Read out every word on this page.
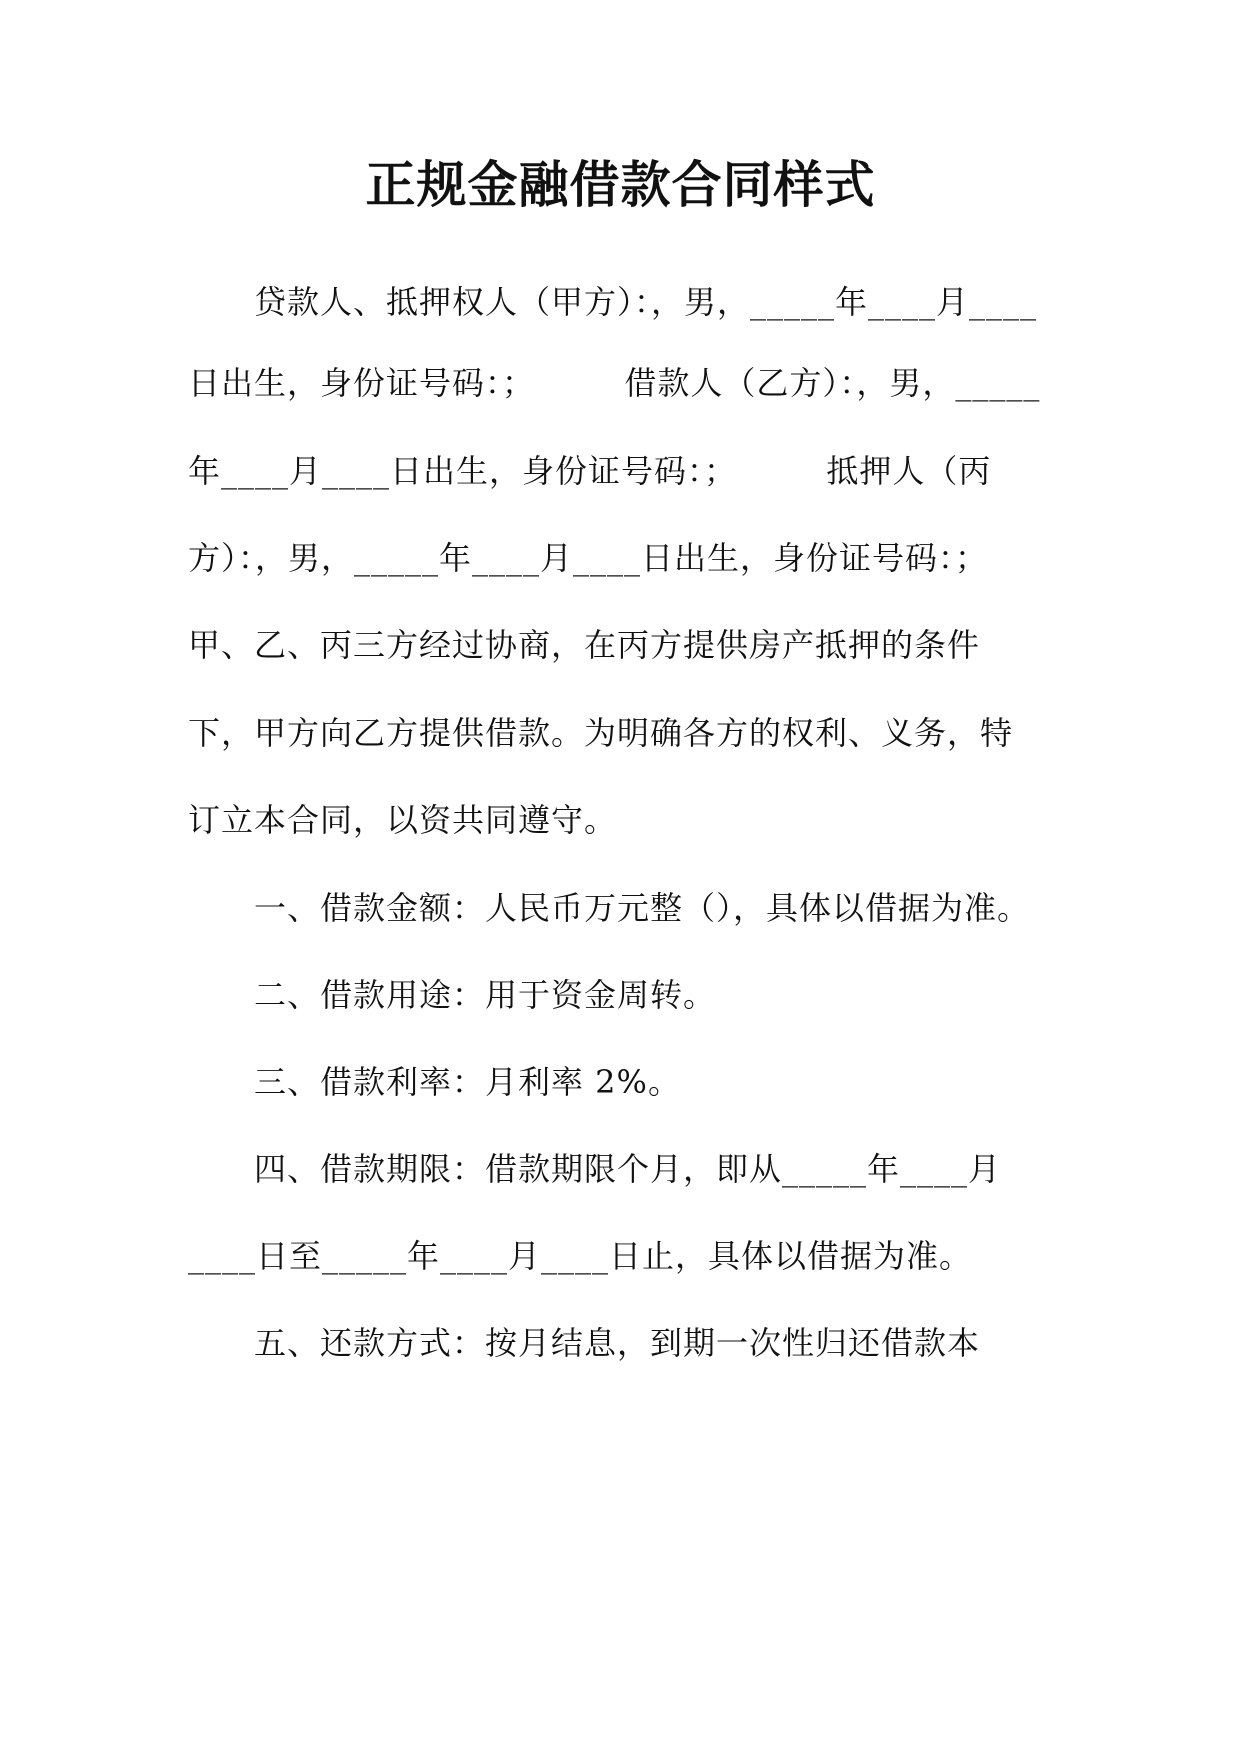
正规金融借款合同样式
贷款人、抵押权人（甲方）：，男，_____年____月____
日出生，身份证号码：；        借款人（乙方）：，男，_____
年____月____日出生，身份证号码：；        抵押人（丙
方）：，男，_____年____月____日出生，身份证号码：；
甲、乙、丙三方经过协商，在丙方提供房产抵押的条件
下，甲方向乙方提供借款。为明确各方的权利、义务，特
订立本合同，以资共同遵守。
一、借款金额：人民币万元整（），具体以借据为准。
二、借款用途：用于资金周转。
三、借款利率：月利率 2%。
四、借款期限：借款期限个月，即从_____年____月
____日至_____年____月____日止，具体以借据为准。
五、还款方式：按月结息，到期一次性归还借款本
